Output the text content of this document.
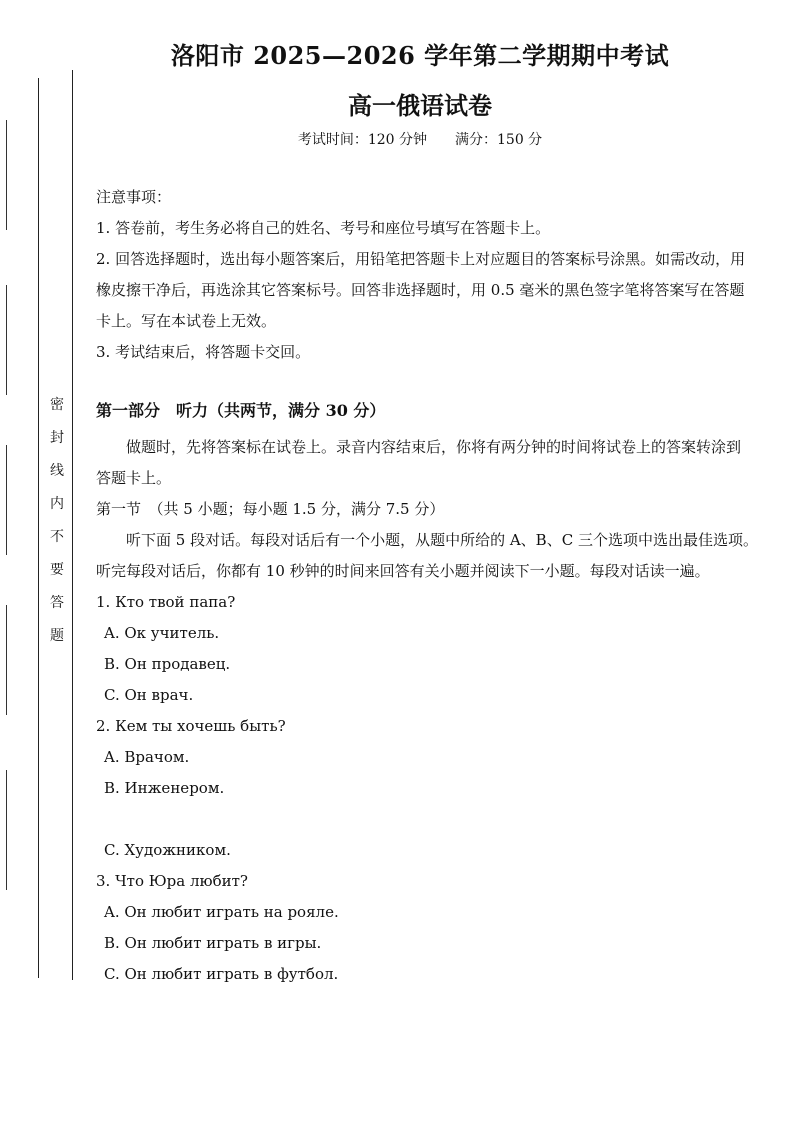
密
封
线
内
不
要
答
题
洛阳市 2025—2026 学年第二学期期中考试
高一俄语试卷
考试时间：120 分钟 满分：150 分
注意事项：
1. 答卷前，考生务必将自己的姓名、考号和座位号填写在答题卡上。
2. 回答选择题时，选出每小题答案后，用铅笔把答题卡上对应题目的答案标号涂黑。如需改动，用
橡皮擦干净后，再选涂其它答案标号。回答非选择题时，用 0.5 毫米的黑色签字笔将答案写在答题
卡上。写在本试卷上无效。
3. 考试结束后，将答题卡交回。
第一部分　听力（共两节，满分 30 分）
做题时，先将答案标在试卷上。录音内容结束后，你将有两分钟的时间将试卷上的答案转涂到
答题卡上。
第一节　（共 5 小题；每小题 1.5 分，满分 7.5 分）
听下面 5 段对话。每段对话后有一个小题，从题中所给的 A、B、C 三个选项中选出最佳选项。
听完每段对话后，你都有 10 秒钟的时间来回答有关小题并阅读下一小题。每段对话读一遍。
1. Кто твой папа?
A. Ок учитель.
B. Он продавец.
C. Он врач.
2. Кем ты хочешь быть?
A. Врачом.
B. Инженером.
C. Художником.
3. Что Юра любит?
A. Он любит играть на рояле.
B. Он любит играть в игры.
C. Он любит играть в футбол.
